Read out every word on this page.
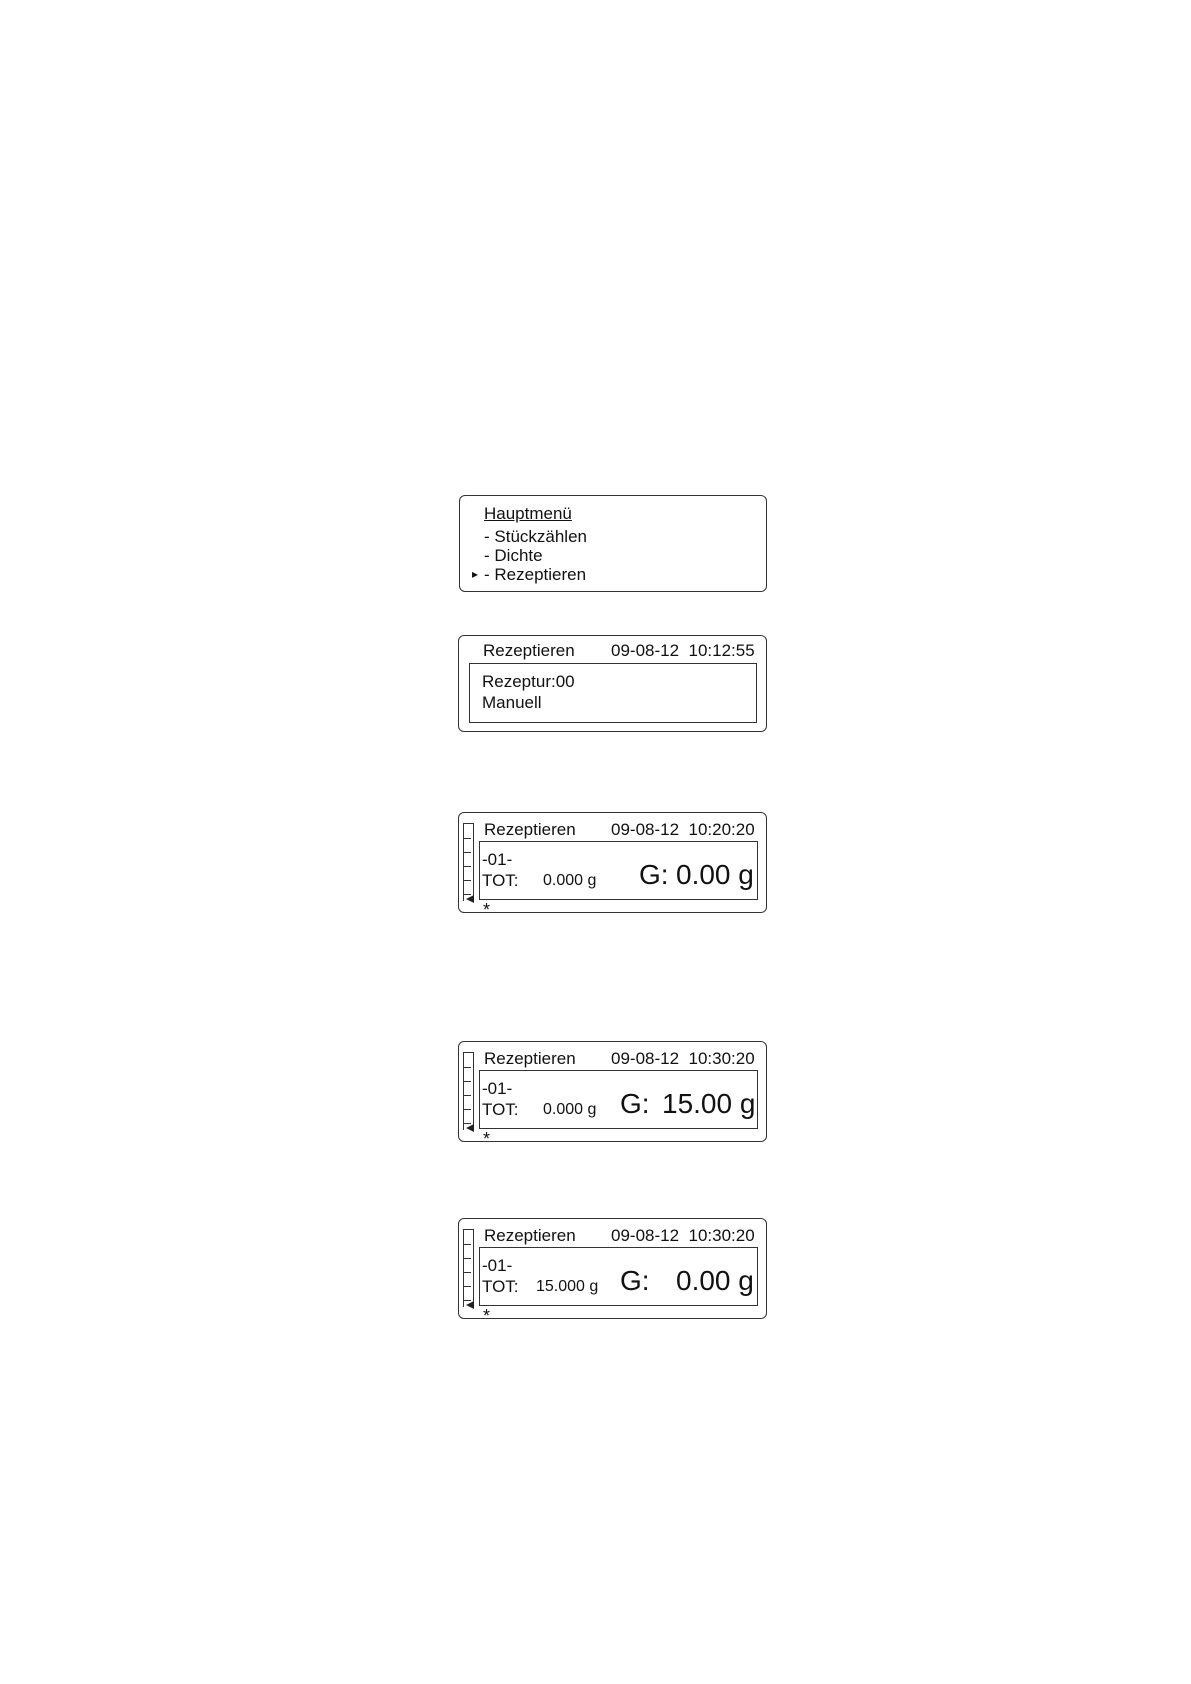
Hauptmenü
- Stückzählen
- Dichte
▸ - Rezeptieren
Rezeptieren 09-08-12  10:12:55
Rezeptur:00
Manuell
Rezeptieren 09-08-12  10:20:20
-01-
TOT: 0.000 g G: 0.00 g
*
Rezeptieren 09-08-12  10:30:20
-01-
TOT: 0.000 g G: 15.00 g
*
Rezeptieren 09-08-12  10:30:20
-01-
TOT: 15.000 g G: 0.00 g
*
